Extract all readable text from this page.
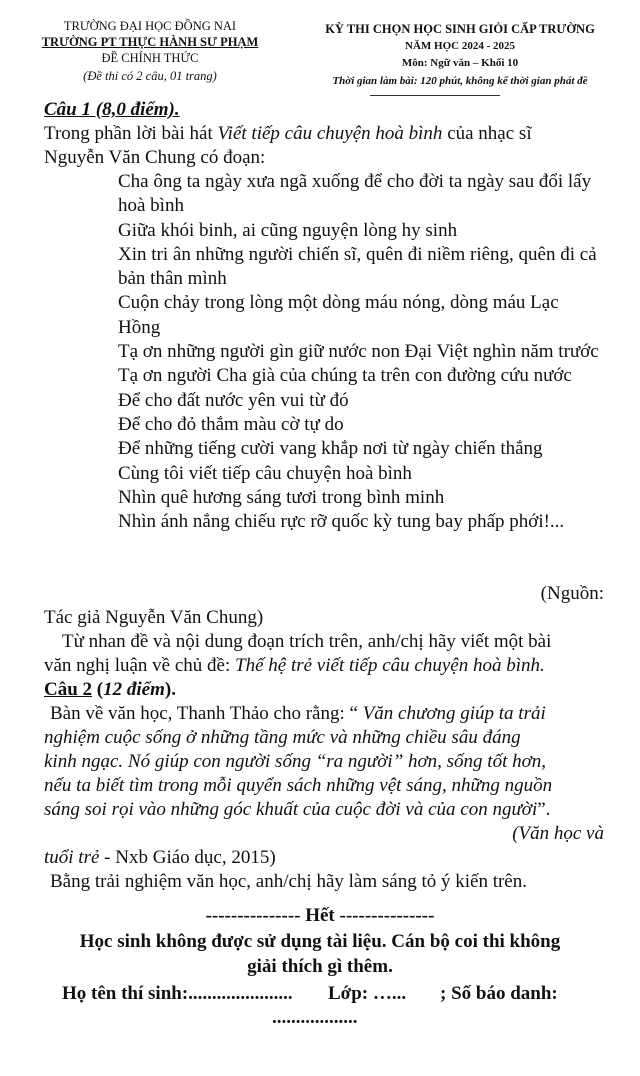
TRƯỜNG ĐẠI HỌC ĐỒNG NAI
TRƯỜNG PT THỰC HÀNH SƯ PHẠM
ĐỀ CHÍNH THỨC
(Đề thi có 2 câu, 01 trang)
KỲ THI CHỌN HỌC SINH GIỎI CẤP TRƯỜNG
NĂM HỌC 2024 - 2025
Môn: Ngữ văn – Khối 10
Thời gian làm bài: 120 phút, không kể thời gian phát đề
Câu 1 (8,0 điểm).
Trong phần lời bài hát Viết tiếp câu chuyện hoà bình của nhạc sĩ
Nguyễn Văn Chung có đoạn:
Cha ông ta ngày xưa ngã xuống để cho đời ta ngày sau đổi lấy hoà bình
Giữa khói binh, ai cũng nguyện lòng hy sinh
Xin tri ân những người chiến sĩ, quên đi niềm riêng, quên đi cả bản thân mình
Cuộn chảy trong lòng một dòng máu nóng, dòng máu Lạc Hồng
Tạ ơn những người gìn giữ nước non Đại Việt nghìn năm trước
Tạ ơn người Cha già của chúng ta trên con đường cứu nước
Để cho đất nước yên vui từ đó
Để cho đỏ thắm màu cờ tự do
Để những tiếng cười vang khắp nơi từ ngày chiến thắng
Cùng tôi viết tiếp câu chuyện hoà bình
Nhìn quê hương sáng tươi trong bình minh
Nhìn ánh nắng chiếu rực rỡ quốc kỳ tung bay phấp phới!...
(Nguồn:
Tác giả Nguyễn Văn Chung)
Từ nhan đề và nội dung đoạn trích trên, anh/chị hãy viết một bài
văn nghị luận về chủ đề: Thế hệ trẻ viết tiếp câu chuyện hoà bình.
Câu 2 (12 điểm).
Bàn về văn học, Thanh Thảo cho rằng: “ Văn chương giúp ta trải
nghiệm cuộc sống ở những tầng mức và những chiều sâu đáng
kinh ngạc. Nó giúp con người sống “ra người” hơn, sống tốt hơn,
nếu ta biết tìm trong mỗi quyển sách những vệt sáng, những nguồn
sáng soi rọi vào những góc khuất của cuộc đời và của con người”.
(Văn học và
tuổi trẻ - Nxb Giáo dục, 2015)
Bằng trải nghiệm văn học, anh/chị hãy làm sáng tỏ ý kiến trên.
--------------- Hết ---------------
Học sinh không được sử dụng tài liệu. Cán bộ coi thi không
giải thích gì thêm.
Họ tên thí sinh:...................... Lớp: …... ; Số báo danh:
..................
